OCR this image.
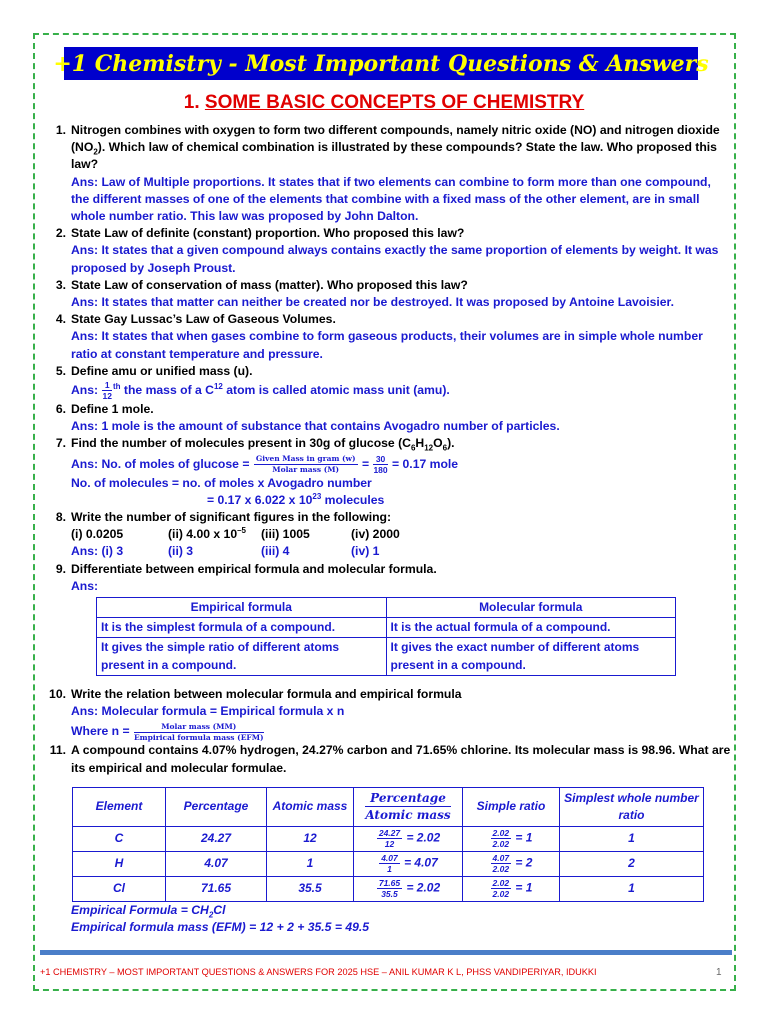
+1 Chemistry - Most Important Questions & Answers
1. SOME BASIC CONCEPTS OF CHEMISTRY
1. Nitrogen combines with oxygen to form two different compounds, namely nitric oxide (NO) and nitrogen dioxide $(NO_2)$. Which law of chemical combination is illustrated by these compounds? State the law. Who proposed this law?
Ans: Law of Multiple proportions. It states that if two elements can combine to form more than one compound, the different masses of one of the elements that combine with a fixed mass of the other element, are in small whole number ratio. This law was proposed by John Dalton.
2. State Law of definite (constant) proportion. Who proposed this law?
Ans: It states that a given compound always contains exactly the same proportion of elements by weight. It was proposed by Joseph Proust.
3. State Law of conservation of mass (matter). Who proposed this law?
Ans: It states that matter can neither be created nor be destroyed. It was proposed by Antoine Lavoisier.
4. State Gay Lussac’s Law of Gaseous Volumes.
Ans: It states that when gases combine to form gaseous products, their volumes are in simple whole number ratio at constant temperature and pressure.
5. Define amu or unified mass (u).
Ans: $\frac{1}{12} ^{th}$ the mass of a $C^{12}$ atom is called atomic mass unit (amu).
6. Define 1 mole.
Ans: 1 mole is the amount of substance that contains Avogadro number of particles.
7. Find the number of molecules present in 30g of glucose $(C_6H_{12}O_6)$.
Ans: No. of moles of $glucose = \frac{\text{Given Mass in gram (w)}}{\text{Molar mass (M)}} = \frac{30}{180} = 0.17$ mole
No. of molecules = no. of moles x Avogadro number
= 0.17 x 6.022 x $10^{23}$ molecules
8. Write the number of significant figures in the following:
(i) 0.0205	(ii) 4.00 x $10^{-5}$	(iii) 1005	(iv) 2000
Ans: (i) 3	(ii) 3	(iii) 4	(iv) 1
9. Differentiate between empirical formula and molecular formula.
Ans:
Empirical formula	Molecular formula
It is the simplest formula of a compound.	It is the actual formula of a compound.
It gives the simple ratio of different atoms present in a compound.	It gives the exact number of different atoms present in a compound.
10. Write the relation between molecular formula and empirical formula
Ans: Molecular formula = Empirical formula x n
Where $n = \frac{\text{Molar mass (MM)}}{\text{Empirical formula mass (EFM)}}$
11. A compound contains 4.07% hydrogen, 24.27% carbon and 71.65% chlorine. Its molecular mass is 98.96. What are its empirical and molecular formulae.
Element	Percentage	Atomic mass	$\frac{\text{Percentage}}{\text{Atomic mass}}$	Simple ratio	Simplest whole number ratio
C	24.27	12	$\frac{24.27}{12} = 2.02$	$\frac{2.02}{2.02} = 1$	1
H	4.07	1	$\frac{4.07}{1} = 4.07$	$\frac{4.07}{2.02} = 2$	2
Cl	71.65	35.5	$\frac{71.65}{35.5} = 2.02$	$\frac{2.02}{2.02} = 1$	1
Empirical Formula = $CH_2Cl$
Empirical formula mass (EFM) = 12 + 2 + 35.5 = 49.5
+1 CHEMISTRY – MOST IMPORTANT QUESTIONS & ANSWERS FOR 2025 HSE – ANIL KUMAR K L, PHSS VANDIPERIYAR, IDUKKI	1
